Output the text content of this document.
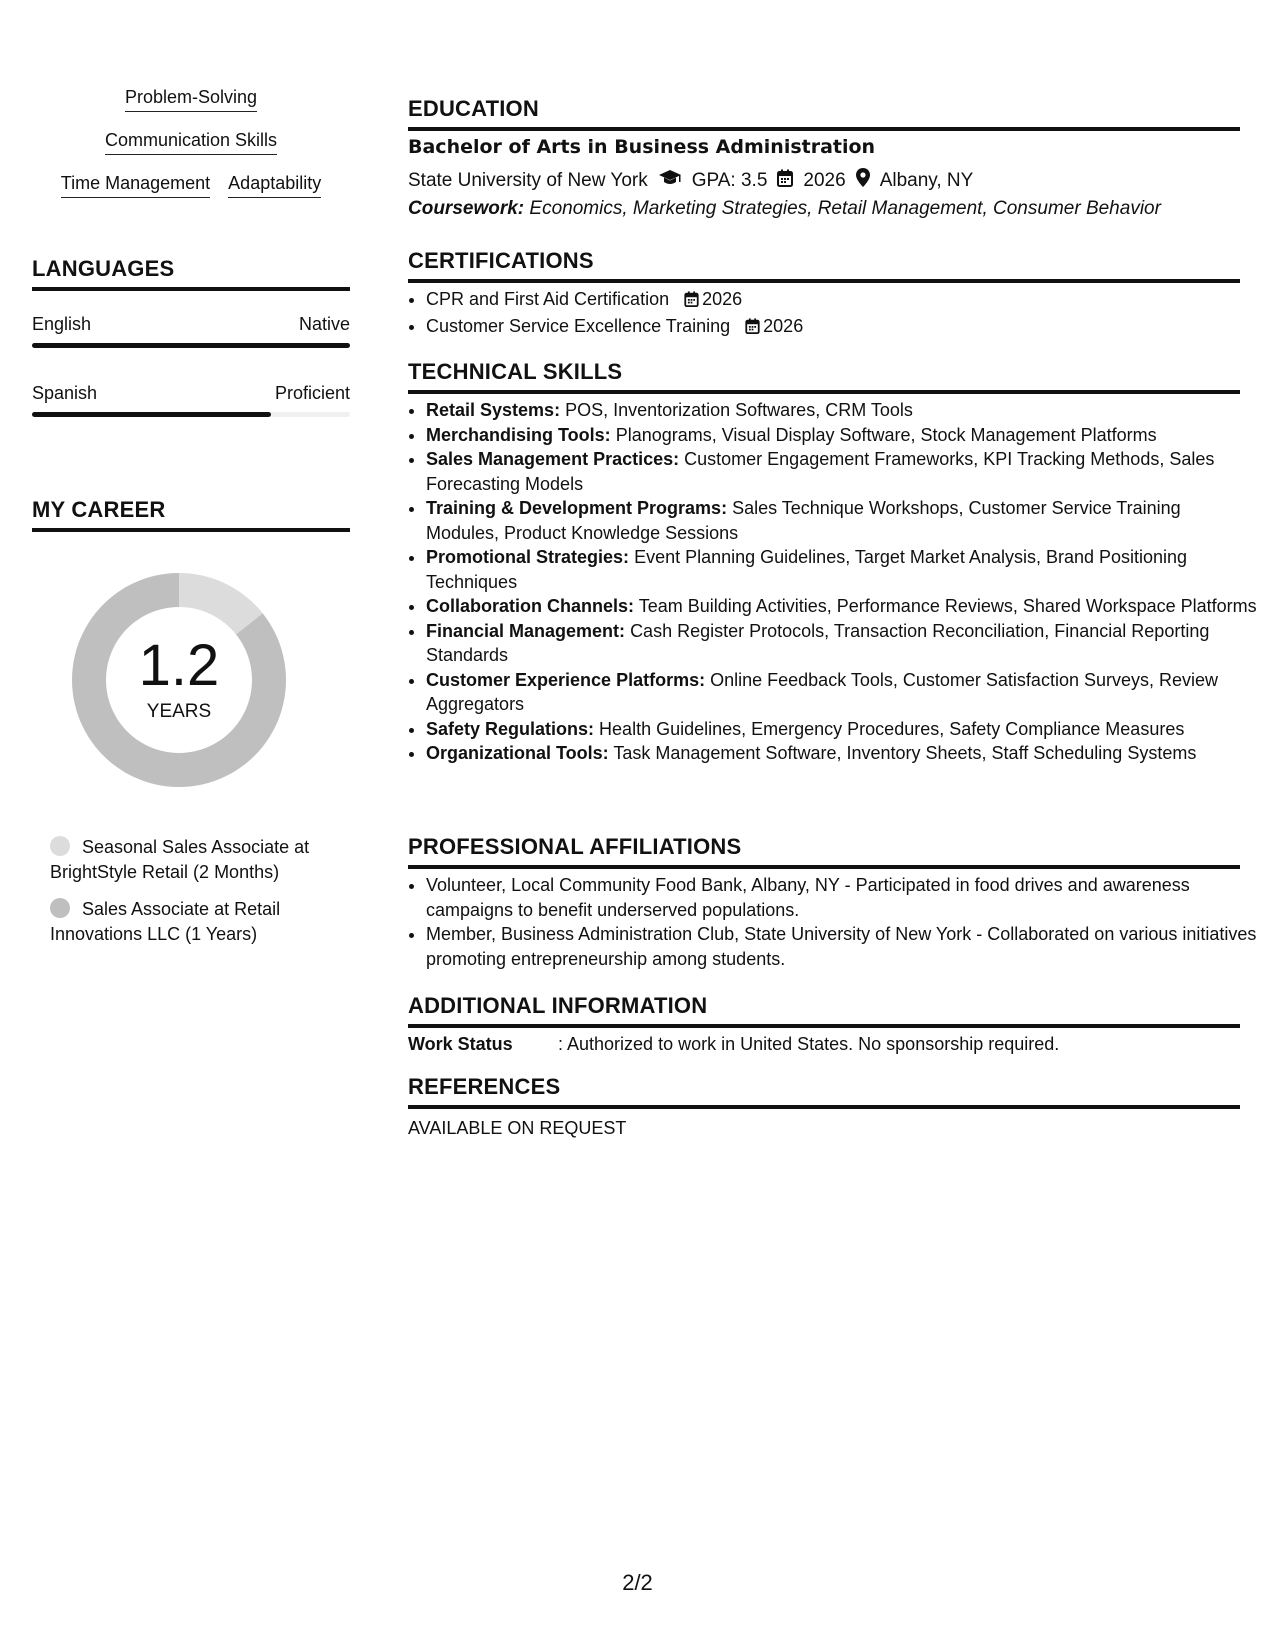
Problem-Solving
Communication Skills
Time Management Adaptability
LANGUAGES
English	Native
Spanish	Proficient
MY CAREER
1.2
YEARS
Seasonal Sales Associate at BrightStyle Retail (2 Months)
Sales Associate at Retail Innovations LLC (1 Years)
EDUCATION
Bachelor of Arts in Business Administration
State University of New York GPA: 3.5 2026 Albany, NY
Coursework: Economics, Marketing Strategies, Retail Management, Consumer Behavior
CERTIFICATIONS
• CPR and First Aid Certification 2026
• Customer Service Excellence Training 2026
TECHNICAL SKILLS
• Retail Systems: POS, Inventorization Softwares, CRM Tools
• Merchandising Tools: Planograms, Visual Display Software, Stock Management Platforms
• Sales Management Practices: Customer Engagement Frameworks, KPI Tracking Methods, Sales Forecasting Models
• Training & Development Programs: Sales Technique Workshops, Customer Service Training Modules, Product Knowledge Sessions
• Promotional Strategies: Event Planning Guidelines, Target Market Analysis, Brand Positioning Techniques
• Collaboration Channels: Team Building Activities, Performance Reviews, Shared Workspace Platforms
• Financial Management: Cash Register Protocols, Transaction Reconciliation, Financial Reporting Standards
• Customer Experience Platforms: Online Feedback Tools, Customer Satisfaction Surveys, Review Aggregators
• Safety Regulations: Health Guidelines, Emergency Procedures, Safety Compliance Measures
• Organizational Tools: Task Management Software, Inventory Sheets, Staff Scheduling Systems
PROFESSIONAL AFFILIATIONS
• Volunteer, Local Community Food Bank, Albany, NY - Participated in food drives and awareness campaigns to benefit underserved populations.
• Member, Business Administration Club, State University of New York - Collaborated on various initiatives promoting entrepreneurship among students.
ADDITIONAL INFORMATION
Work Status	: Authorized to work in United States. No sponsorship required.
REFERENCES
AVAILABLE ON REQUEST
2/2
